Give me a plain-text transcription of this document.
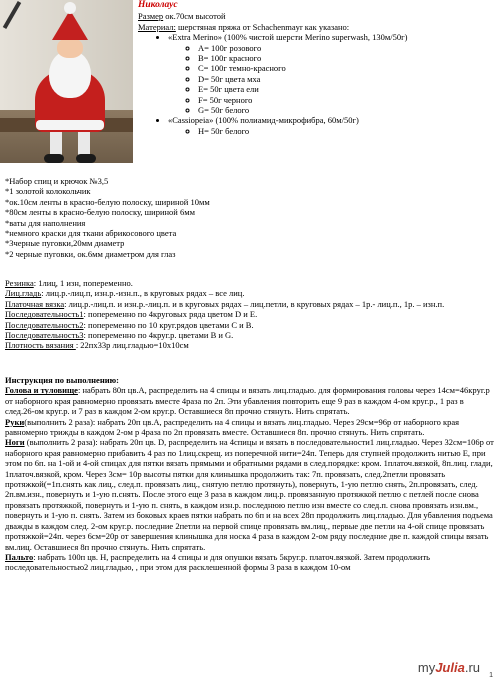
Николаус
Размер ок.70см высотой
Материал: шерстяная пряжа от Schachenmayr как указано:
• «Extra Merino» (100% чистой шерсти Merino superwash, 130м/50г)
◦ A= 100г розового
◦ B= 100г красного
◦ C= 100г темно-красного
◦ D= 50г цвета мха
◦ E= 50г цвета ели
◦ F= 50г черного
◦ G= 50г белого
• «Cassiopeia» (100% полиамид-микрофибра, 60м/50г)
◦ H= 50г белого

*Набор спиц и крючок №3,5

*1 золотой колокольчик

*ок.10см ленты в красно-белую полоску, шириной 10мм

*80см ленты в красно-белую полоску, шириной 6мм

*ваты для наполнения

*немного краски для ткани абрикосового цвета

*3черные пуговки,20мм диаметр

*2 черные пуговки, ок.6мм диаметром для глаз

Резинка: 1лиц, 1 изн, попеременно.

Лиц.гладь: лиц.р.-лиц.п, изн.р.-изн.п., в круговых рядах – все лиц.

Платочная вязка: лиц.р.-лиц.п. и изн.р.-лиц.п. и в круговых рядах – лиц.петли, в круговых рядах – 1р.- лиц.п., 1р. – изн.п.

Последовательность1: попеременно по 4круговых ряда цветом D и E.

Последовательность2: попеременно по 10 круг.рядов цветами С и В.

Последовательность3: попеременно по 4круг.р. цветами В и G.

Плотность вязания : 22пх33р лиц.гладью=10х10см

Инструкция по выполнению:

Голова и туловище: набрать 80п цв.А, распределить на 4 спицы и вязать лиц.гладью. для формирования головы через 14см=46круг.р от наборного края равномерно провязать вместе 4раза по 2п. Эти убавления повторить еще 9 раз в каждом 4-ом круг.р., 1 раз в след.26-ом круг.р. и 7 раз в каждом 2-ом круг.р. Оставшиеся 8п прочно стянуть. Нить спрятать.

Руки(выполнить 2 раза): набрать 20п цв.А, распределить на 4 спицы и вязать лиц.гладью. Через 29см=96р от наборного края равномерно трижды в каждом 2-ом р 4раза по 2п провязать вместе. Оставшиеся 8п. прочно стянуть. Нить спрятать.

Ноги (выполнить 2 раза): набрать 20п цв. D, распределить на 4спицы и вязать в последовательности1 лиц.гладью. Через 32см=106р от наборного края равномерно прибавить 4 раз по 1лиц.скрещ. из поперечной нити=24п. Теперь для ступней продолжить нитью Е, при этом по 6п. на 1-ой и 4-ой спицах для пятки вязать прямыми и обратными рядами в след.порядке: кром. 1платоч.вязкой, 8п.лиц. глади, 1платоч.вязкой, кром. Через 3см= 10р высоты пятки для клинышка продолжить так: 7п. провязать, след.2петли провязать протяжкой(=1п.снять как лиц., след.п. провязать лиц., снятую петлю протянуть), повернуть, 1-ую петлю снять, 2п.провязать, след. 2п.вм.изн., повернуть и 1-ую п.снять. После этого еще 3 раза в каждом лиц.р. провязанную протяжкой петлю с петлей после снова провязать протяжкой, повернуть и 1-ую п. снять, в каждом изн.р. последнюю петлю изн вместе со след.п. снова провязать изн.вм., повернуть и 1-ую п. снять. Затем из боковых краев пятки набрать по 6п и на всех 28п продолжить лиц.гладью. Для убавления подъема дважды в каждом след. 2-ом круг.р. последние 2петли на первой спице провязать вм.лиц., первые две петли на 4-ой спице провязать протяжкой=24п. через 6см=20р от завершения клинышка для носка 4 раза в каждом 2-ом ряду последние две п. каждой спицы вязать вм.лиц. Оставшиеся 8п прочно стянуть. Нить спрятать.

Пальто: набрать 100п цв. Н, распределить на 4 спицы и для опушки вязать 5круг.р. платоч.вязкой. Затем продолжить последовательностью2 лиц.гладью, , при этом для расклешенной формы 3 раза в каждом 10-ом

myJulia.ru
1
